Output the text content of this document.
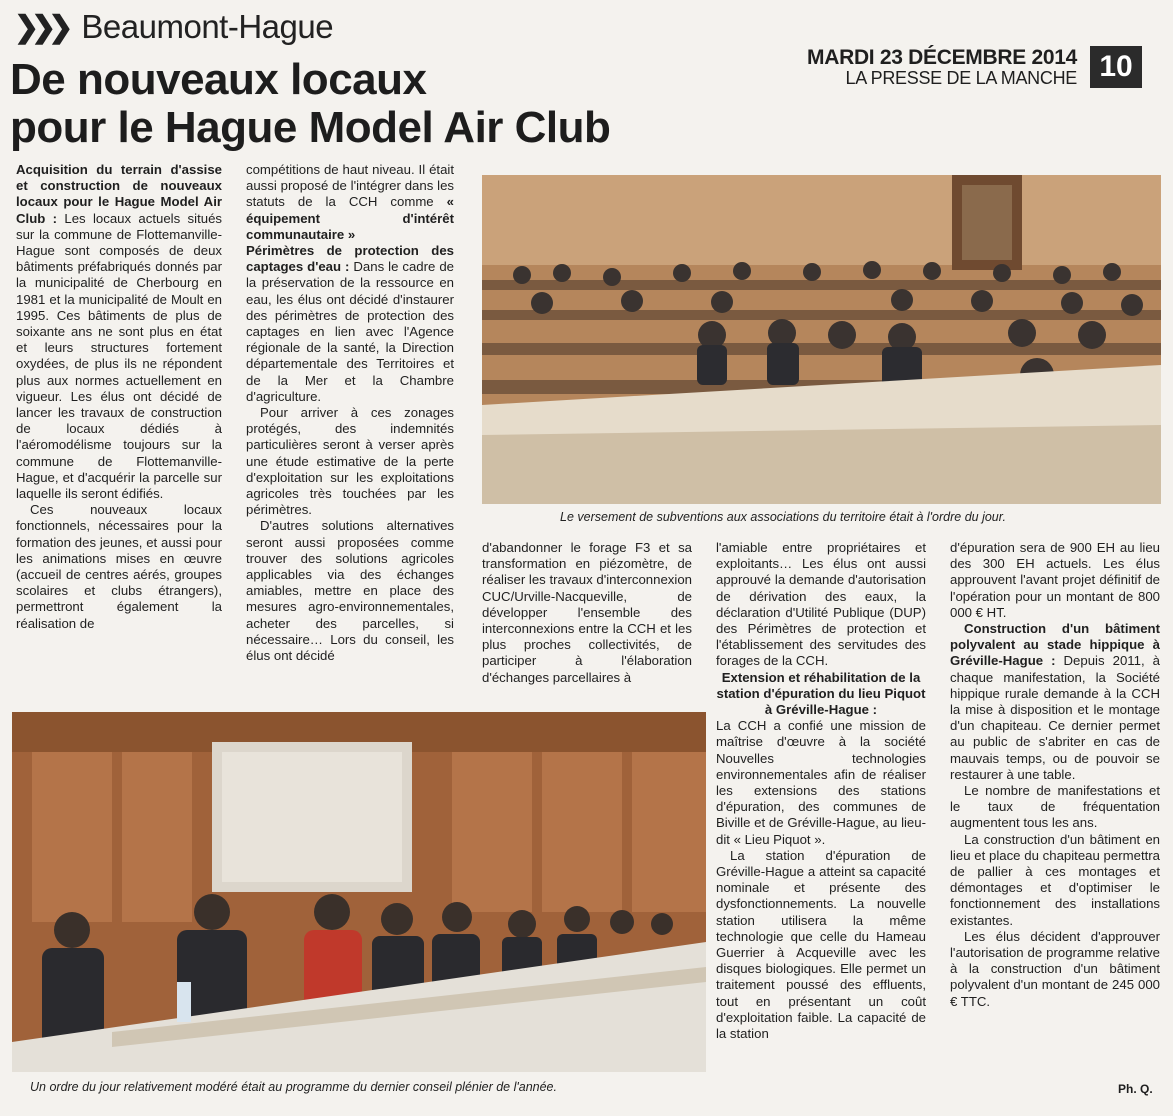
❯❯❯ Beaumont-Hague
De nouveaux locaux
pour le Hague Model Air Club
MARDI 23 DÉCEMBRE 2014
LA PRESSE DE LA MANCHE 10

Acquisition du terrain d'assise et construction de nouveaux locaux pour le Hague Model Air Club : Les locaux actuels situés sur la commune de Flottemanville-Hague sont composés de deux bâtiments préfabriqués donnés par la municipalité de Cherbourg en 1981 et la municipalité de Moult en 1995. Ces bâtiments de plus de soixante ans ne sont plus en état et leurs structures fortement oxydées, de plus ils ne répondent plus aux normes actuellement en vigueur. Les élus ont décidé de lancer les travaux de construction de locaux dédiés à l'aéromodélisme toujours sur la commune de Flottemanville-Hague, et d'acquérir la parcelle sur laquelle ils seront édifiés.

Ces nouveaux locaux fonctionnels, nécessaires pour la formation des jeunes, et aussi pour les animations mises en œuvre (accueil de centres aérés, groupes scolaires et clubs étrangers), permettront également la réalisation de

compétitions de haut niveau. Il était aussi proposé de l'intégrer dans les statuts de la CCH comme « équipement d'intérêt communautaire »

Périmètres de protection des captages d'eau : Dans le cadre de la préservation de la ressource en eau, les élus ont décidé d'instaurer des périmètres de protection des captages en lien avec l'Agence régionale de la santé, la Direction départementale des Territoires et de la Mer et la Chambre d'agriculture.

Pour arriver à ces zonages protégés, des indemnités particulières seront à verser après une étude estimative de la perte d'exploitation sur les exploitations agricoles très touchées par les périmètres.

D'autres solutions alternatives seront aussi proposées comme trouver des solutions agricoles applicables via des échanges amiables, mettre en place des mesures agro-environnementales, acheter des parcelles, si nécessaire… Lors du conseil, les élus ont décidé

Le versement de subventions aux associations du territoire était à l'ordre du jour.

d'abandonner le forage F3 et sa transformation en piézomètre, de réaliser les travaux d'interconnexion CUC/Urville-Nacqueville, de développer l'ensemble des interconnexions entre la CCH et les plus proches collectivités, de participer à l'élaboration d'échanges parcellaires à

l'amiable entre propriétaires et exploitants… Les élus ont aussi approuvé la demande d'autorisation de dérivation des eaux, la déclaration d'Utilité Publique (DUP) des Périmètres de protection et l'établissement des servitudes des forages de la CCH.

Extension et réhabilitation de la station d'épuration du lieu Piquot à Gréville-Hague :

La CCH a confié une mission de maîtrise d'œuvre à la société Nouvelles technologies environnementales afin de réaliser les extensions des stations d'épuration, des communes de Biville et de Gréville-Hague, au lieu-dit « Lieu Piquot ».

La station d'épuration de Gréville-Hague a atteint sa capacité nominale et présente des dysfonctionnements. La nouvelle station utilisera la même technologie que celle du Hameau Guerrier à Acqueville avec les disques biologiques. Elle permet un traitement poussé des effluents, tout en présentant un coût d'exploitation faible. La capacité de la station

d'épuration sera de 900 EH au lieu des 300 EH actuels. Les élus approuvent l'avant projet définitif de l'opération pour un montant de 800 000 € HT.

Construction d'un bâtiment polyvalent au stade hippique à Gréville-Hague : Depuis 2011, à chaque manifestation, la Société hippique rurale demande à la CCH la mise à disposition et le montage d'un chapiteau. Ce dernier permet au public de s'abriter en cas de mauvais temps, ou de pouvoir se restaurer à une table.

Le nombre de manifestations et le taux de fréquentation augmentent tous les ans.

La construction d'un bâtiment en lieu et place du chapiteau permettra de pallier à ces montages et démontages et d'optimiser le fonctionnement des installations existantes.

Les élus décident d'approuver l'autorisation de programme relative à la construction d'un bâtiment polyvalent d'un montant de 245 000 € TTC.

Ph. Q.
Un ordre du jour relativement modéré était au programme du dernier conseil plénier de l'année.
